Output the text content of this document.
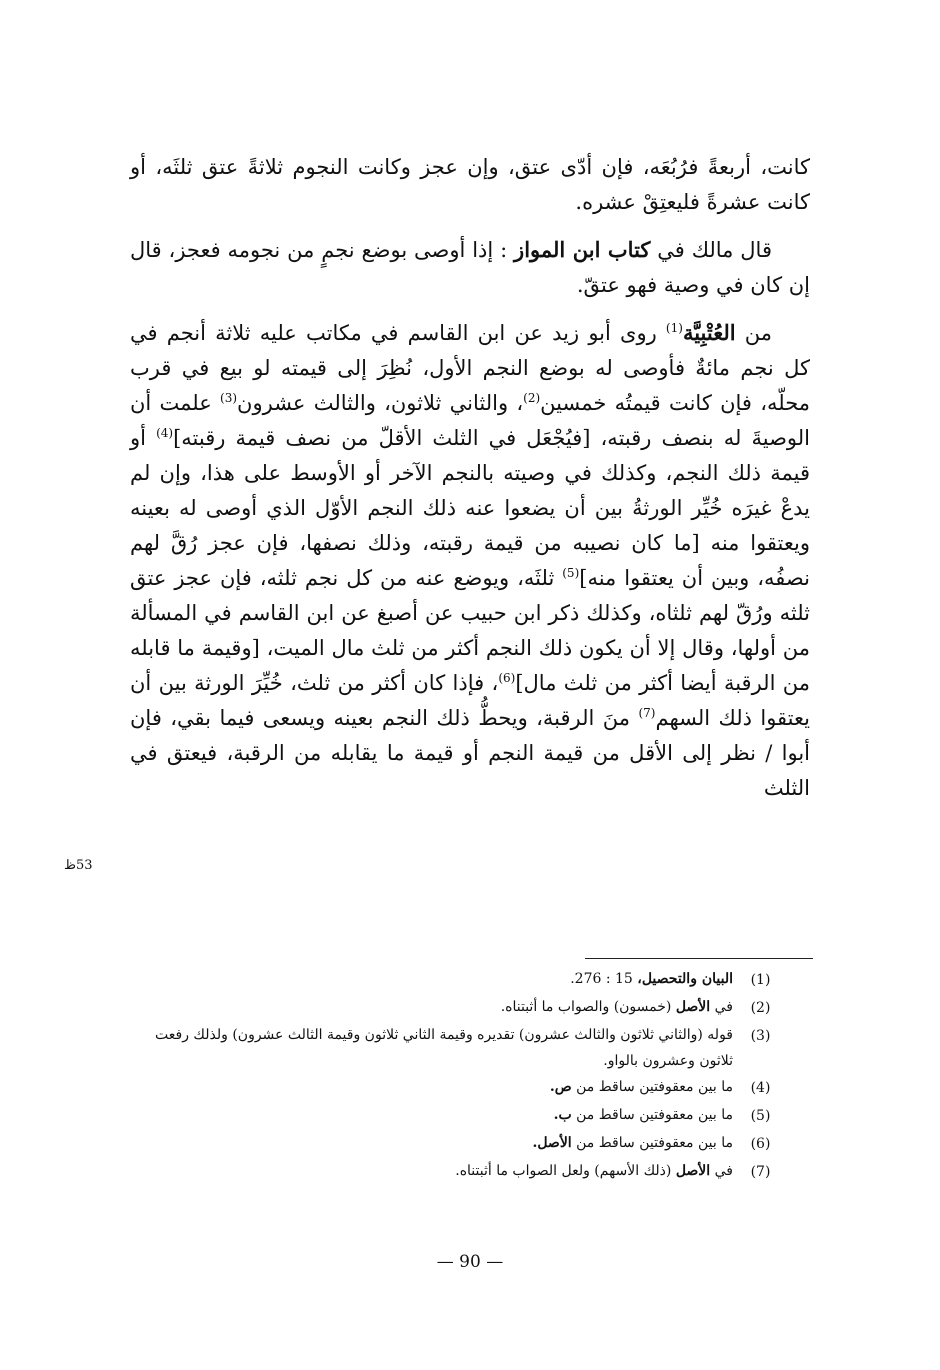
كانت، أربعةً فرُبُعَه، فإن أدّى عتق، وإن عجز وكانت النجوم ثلاثةً عتق ثلثَه، أو كانت عشرةً فليعتِقْ عشره.

قال مالك في كتاب ابن المواز : إذا أوصى بوضع نجمٍ من نجومه فعجز، قال إن كان في وصية فهو عتقّ.

من العُتْبِيَّة$^{(1)}$ روى أبو زيد عن ابن القاسم في مكاتب عليه ثلاثة أنجم في كل نجم مائةٌ فأوصى له بوضع النجم الأول، نُظِرَ إلى قيمته لو بيع في قرب محلّه، فإن كانت قيمتُه خمسين$^{(2)}$، والثاني ثلاثون، والثالث عشرون$^{(3)}$ علمت أن الوصيةَ له بنصف رقبته، [فيُجْعَل في الثلث الأقلّ من نصف قيمة رقبته]$^{(4)}$ أو قيمة ذلك النجم، وكذلك في وصيته بالنجم الآخر أو الأوسط على هذا، وإن لم يدعْ غيرَه خُيِّر الورثةُ بين أن يضعوا عنه ذلك النجم الأوّل الذي أوصى له بعينه ويعتقوا منه [ما كان نصيبه من قيمة رقبته، وذلك نصفها، فإن عجز رُقَّ لهم نصفُه، وبين أن يعتقوا منه]$^{(5)}$ ثلثَه، ويوضع عنه من كل نجم ثلثه، فإن عجز عتق ثلثه ورُقّ لهم ثلثاه، وكذلك ذكر ابن حبيب عن أصبغ عن ابن القاسم في المسألة من أولها، وقال إلا أن يكون ذلك النجم أكثر من ثلث مال الميت، [وقيمة ما قابله من الرقبة أيضا أكثر من ثلث مال]$^{(6)}$، فإذا كان أكثر من ثلث، خُيِّرَ الورثة بين أن يعتقوا ذلك السهم$^{(7)}$ منَ الرقبة، ويحطُّ ذلك النجم بعينه ويسعى فيما بقي، فإن أبوا / نظر إلى الأقل من قيمة النجم أو قيمة ما يقابله من الرقبة، فيعتق في الثلث

53ظ
(1)
البيان والتحصيل، 15 : 276.
(2)
في الأصل (خمسون) والصواب ما أثبتناه.
(3)
قوله (والثاني ثلاثون والثالث عشرون) تقديره وقيمة الثاني ثلاثون وقيمة الثالث عشرون) ولذلك رفعت ثلاثون وعشرون بالواو.
(4)
ما بين معقوفتين ساقط من ص.
(5)
ما بين معقوفتين ساقط من ب.
(6)
ما بين معقوفتين ساقط من الأصل.
(7)
في الأصل (ذلك الأسهم) ولعل الصواب ما أثبتناه.
— 90 —
